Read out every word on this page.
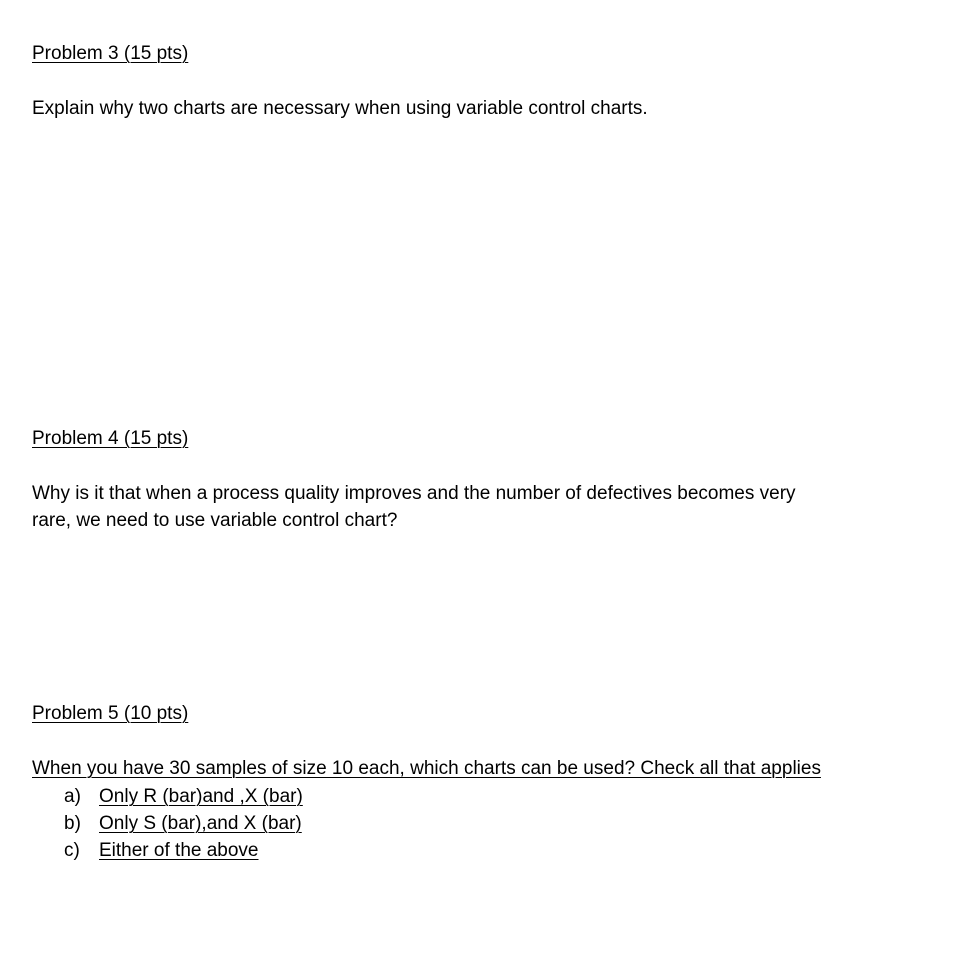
Problem 3 (15 pts)
Explain why two charts are necessary when using variable control charts.
Problem 4 (15 pts)
Why is it that when a process quality improves and the number of defectives becomes very
rare, we need to use variable control chart?
Problem 5 (10 pts)
When you have 30 samples of size 10 each, which charts can be used? Check all that applies
a) Only R (bar)and ,X (bar)
b) Only S (bar),and X (bar)
c) Either of the above
